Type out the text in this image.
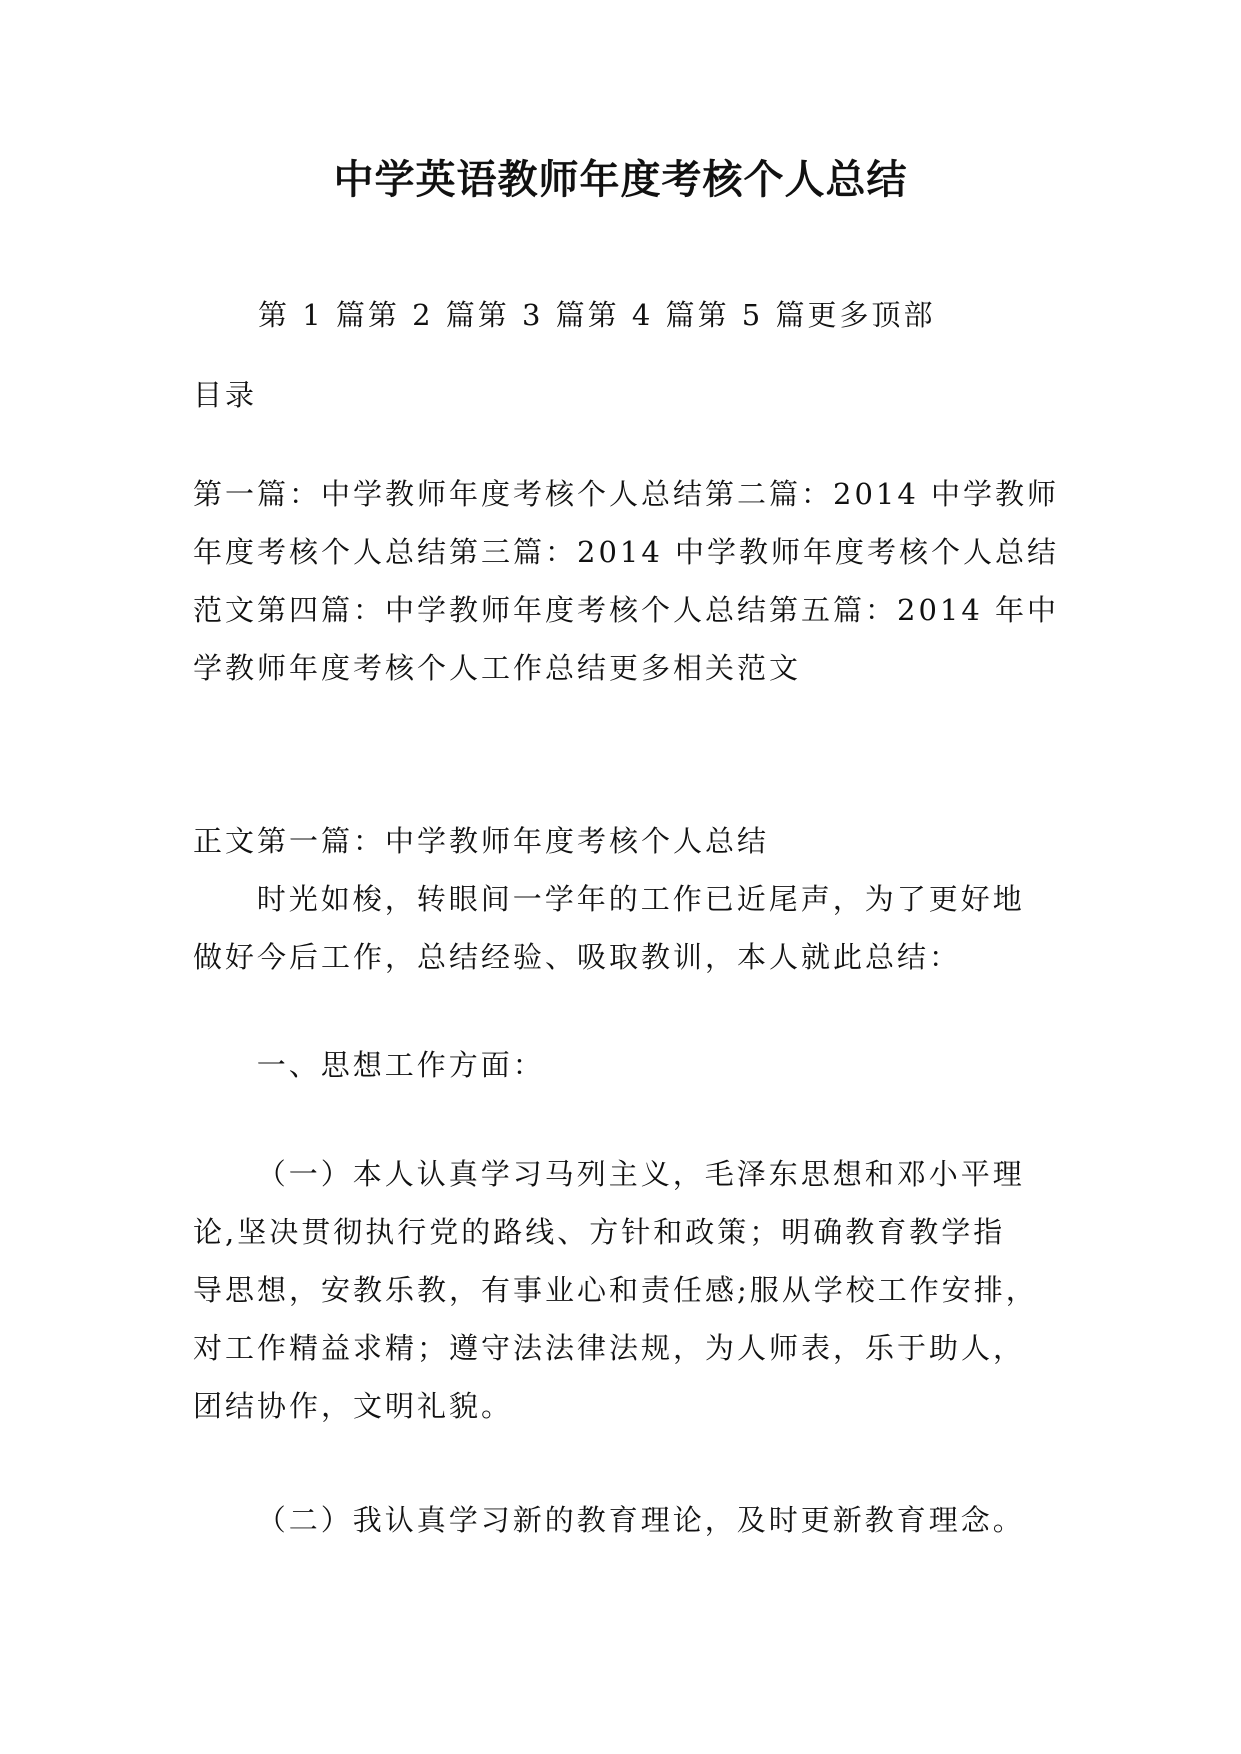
中学英语教师年度考核个人总结
第 1 篇第 2 篇第 3 篇第 4 篇第 5 篇更多顶部
目录
第一篇：中学教师年度考核个人总结第二篇：2014 中学教师
年度考核个人总结第三篇：2014 中学教师年度考核个人总结
范文第四篇：中学教师年度考核个人总结第五篇：2014 年中
学教师年度考核个人工作总结更多相关范文
正文第一篇：中学教师年度考核个人总结
时光如梭，转眼间一学年的工作已近尾声，为了更好地
做好今后工作，总结经验、吸取教训，本人就此总结：
一、思想工作方面：
（一）本人认真学习马列主义，毛泽东思想和邓小平理
论,坚决贯彻执行党的路线、方针和政策；明确教育教学指
导思想，安教乐教，有事业心和责任感;服从学校工作安排，
对工作精益求精；遵守法法律法规，为人师表，乐于助人，
团结协作，文明礼貌。
（二）我认真学习新的教育理论，及时更新教育理念。
